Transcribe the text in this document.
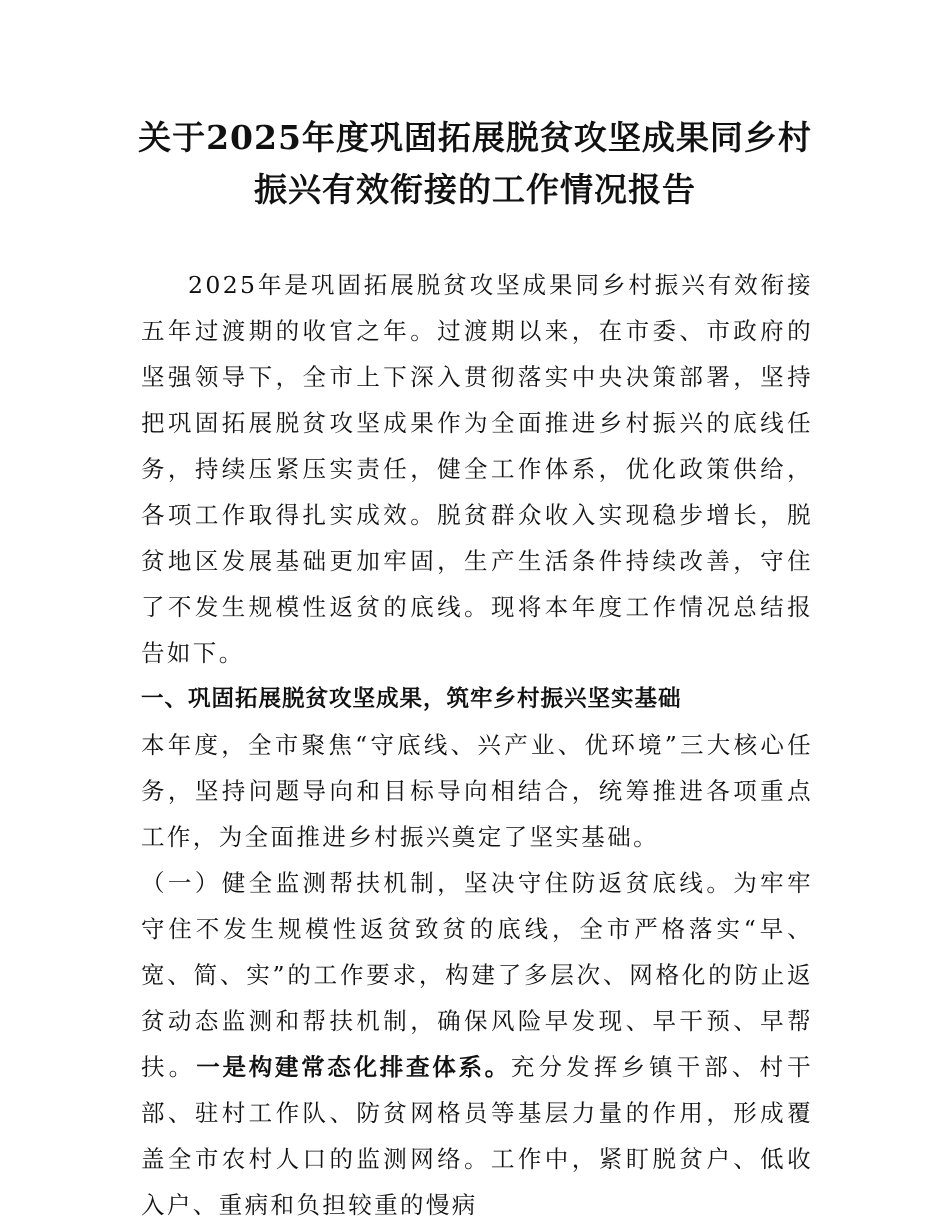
关于2025年度巩固拓展脱贫攻坚成果同乡村
振兴有效衔接的工作情况报告

2025年是巩固拓展脱贫攻坚成果同乡村振兴有效衔接五年过渡期的收官之年。过渡期以来，在市委、市政府的坚强领导下，全市上下深入贯彻落实中央决策部署，坚持把巩固拓展脱贫攻坚成果作为全面推进乡村振兴的底线任务，持续压紧压实责任，健全工作体系，优化政策供给，各项工作取得扎实成效。脱贫群众收入实现稳步增长，脱贫地区发展基础更加牢固，生产生活条件持续改善，守住了不发生规模性返贫的底线。现将本年度工作情况总结报告如下。

一、巩固拓展脱贫攻坚成果，筑牢乡村振兴坚实基础

本年度，全市聚焦“守底线、兴产业、优环境”三大核心任务，坚持问题导向和目标导向相结合，统筹推进各项重点工作，为全面推进乡村振兴奠定了坚实基础。

（一）健全监测帮扶机制，坚决守住防返贫底线。为牢牢守住不发生规模性返贫致贫的底线，全市严格落实“早、宽、简、实”的工作要求，构建了多层次、网格化的防止返贫动态监测和帮扶机制，确保风险早发现、早干预、早帮扶。一是构建常态化排查体系。充分发挥乡镇干部、村干部、驻村工作队、防贫网格员等基层力量的作用，形成覆盖全市农村人口的监测网络。工作中，紧盯脱贫户、低收入户、重病和负担较重的慢病
